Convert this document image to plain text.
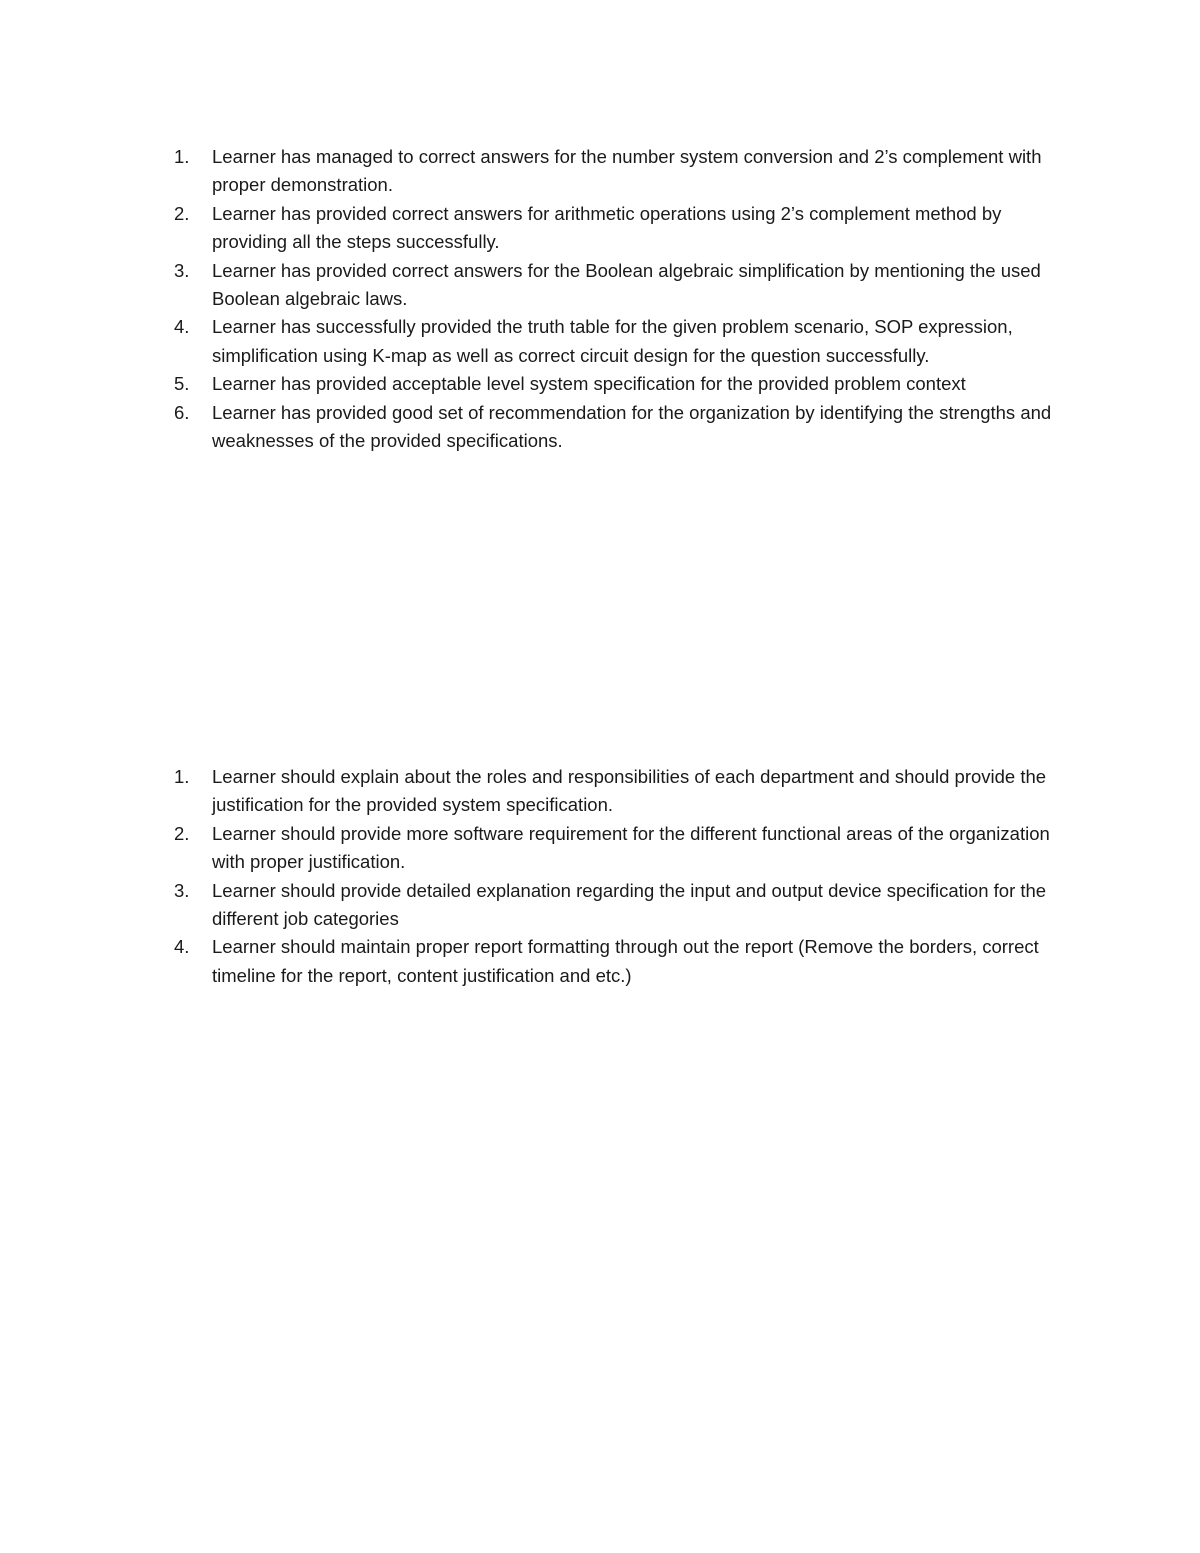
1.	Learner has managed to correct answers for the number system conversion and 2’s complement with proper demonstration.
2.	Learner has provided correct answers for arithmetic operations using 2’s complement method by providing all the steps successfully.
3.	Learner has provided correct answers for the Boolean algebraic simplification by mentioning the used Boolean algebraic laws.
4.	Learner has successfully provided the truth table for the given problem scenario, SOP expression, simplification using K-map as well as correct circuit design for the question successfully.
5.	Learner has provided acceptable level system specification for the provided problem context
6.	Learner has provided good set of recommendation for the organization by identifying the strengths and weaknesses of the provided specifications.
1.	Learner should explain about the roles and responsibilities of each department and should provide the justification for the provided system specification.
2.	Learner should provide more software requirement for the different functional areas of the organization with proper justification.
3.	Learner should provide detailed explanation regarding the input and output device specification for the different job categories
4.	Learner should maintain proper report formatting through out the report (Remove the borders, correct timeline for the report, content justification and etc.)
